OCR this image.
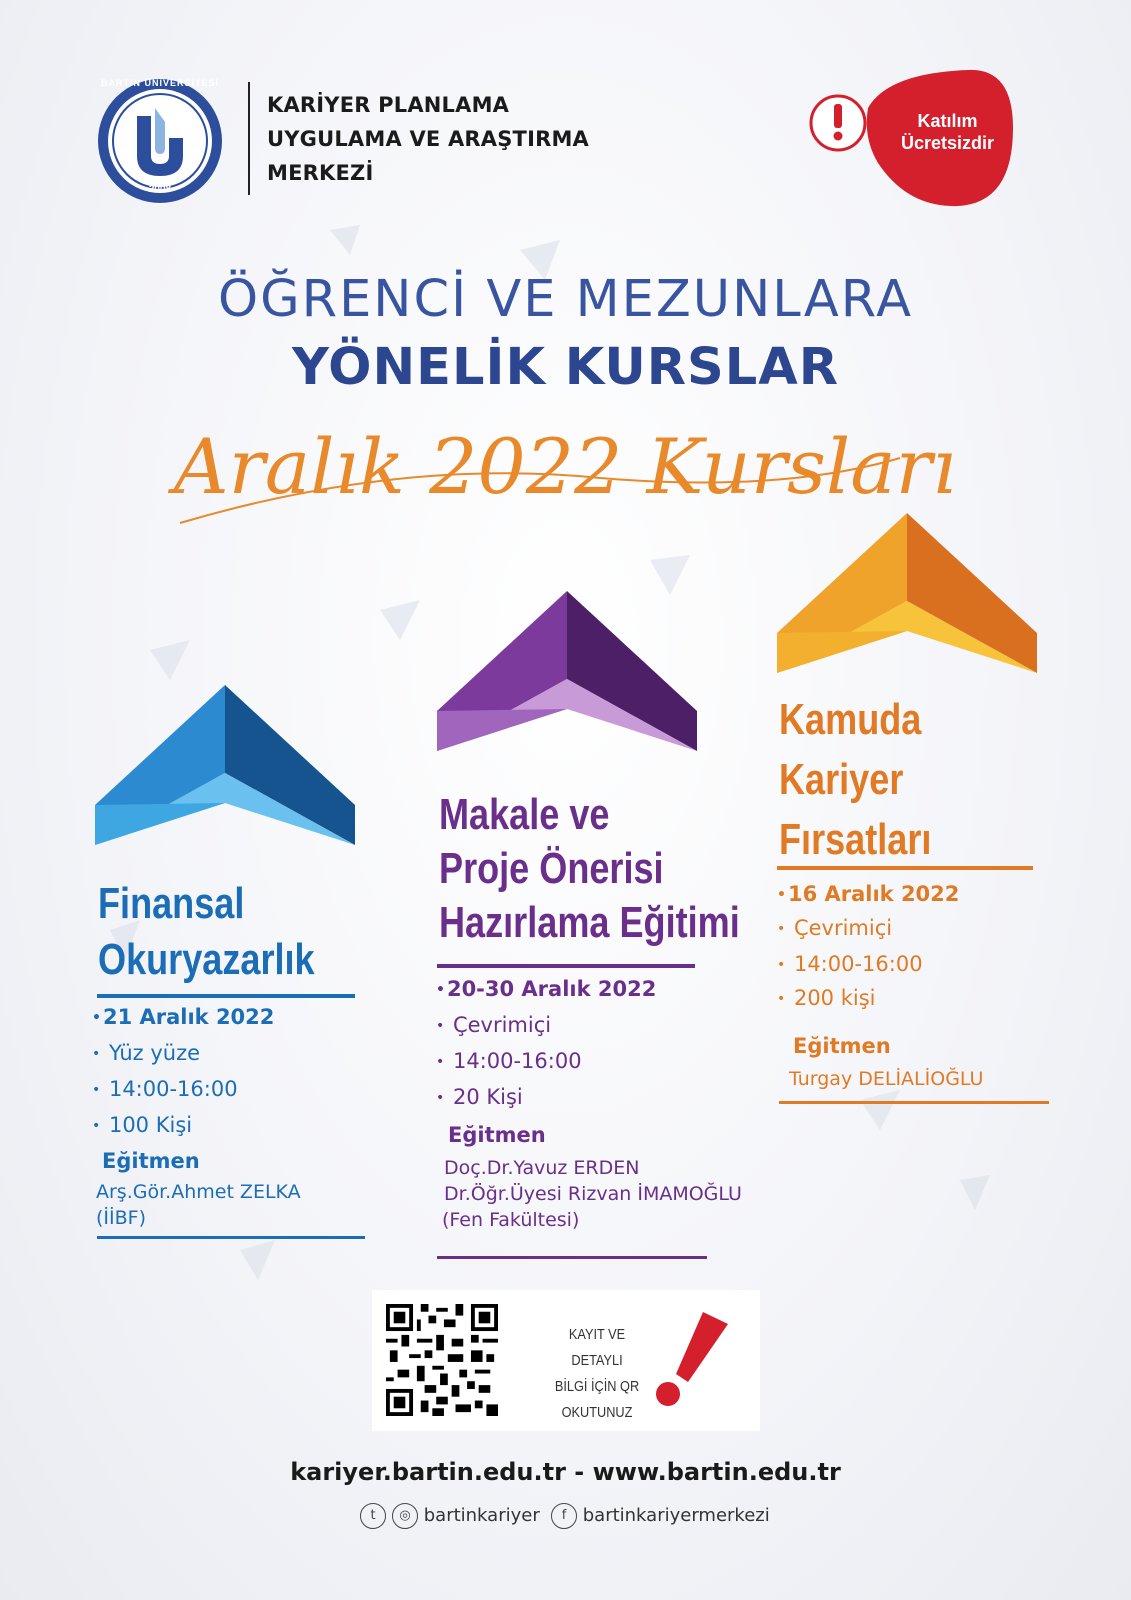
BARTIN ÜNİVERSİTESİ
2008
KARİYER PLANLAMA
UYGULAMA VE ARAŞTIRMA
MERKEZİ
Katılım
Ücretsizdir
ÖĞRENCİ VE MEZUNLARA
YÖNELİK KURSLAR
Aralık 2022 Kursları
Finansal
Okuryazarlık
•21 Aralık 2022
• Yüz yüze
• 14:00-16:00
• 100 Kişi
Eğitmen
Arş.Gör.Ahmet ZELKA
(İİBF)
Makale ve
Proje Önerisi
Hazırlama Eğitimi
•20-30 Aralık 2022
• Çevrimiçi
• 14:00-16:00
• 20 Kişi
Eğitmen
Doç.Dr.Yavuz ERDEN
Dr.Öğr.Üyesi Rizvan İMAMOĞLU
(Fen Fakültesi)
Kamuda
Kariyer
Fırsatları
•16 Aralık 2022
• Çevrimiçi
• 14:00-16:00
• 200 kişi
Eğitmen
Turgay DELİALİOĞLU
KAYIT VE DETAYLI
BİLGİ İÇİN QR
OKUTUNUZ
kariyer.bartin.edu.tr - www.bartin.edu.tr
t	◎ bartinkariyer	f bartinkariyermerkezi
